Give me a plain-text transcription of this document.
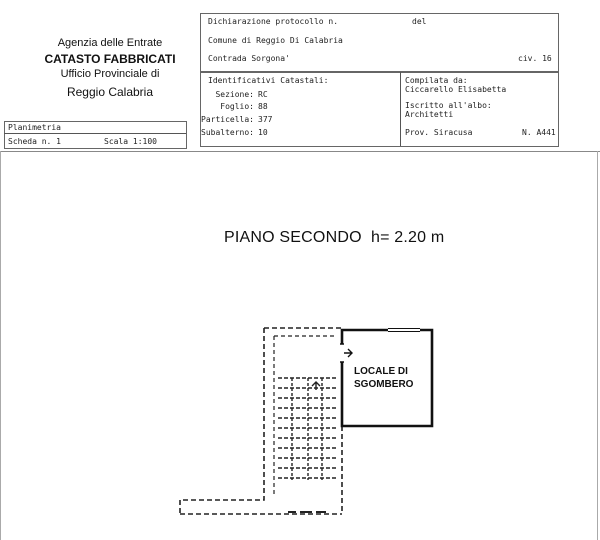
Agenzia delle Entrate
CATASTO FABBRICATI
Ufficio Provinciale di
Reggio Calabria
Dichiarazione protocollo n.	del
Comune di Reggio Di Calabria
Contrada Sorgona'	civ. 16
Identificativi Catastali:
Sezione: RC
Foglio: 88
Particella: 377
Subalterno: 10
Compilata da:
Ciccarello Elisabetta
Iscritto all'albo:
Architetti
Prov. Siracusa	N. A441
Planimetria
Scheda n. 1	Scala 1:100
PIANO SECONDO  h= 2.20 m
LOCALE DI
SGOMBERO
